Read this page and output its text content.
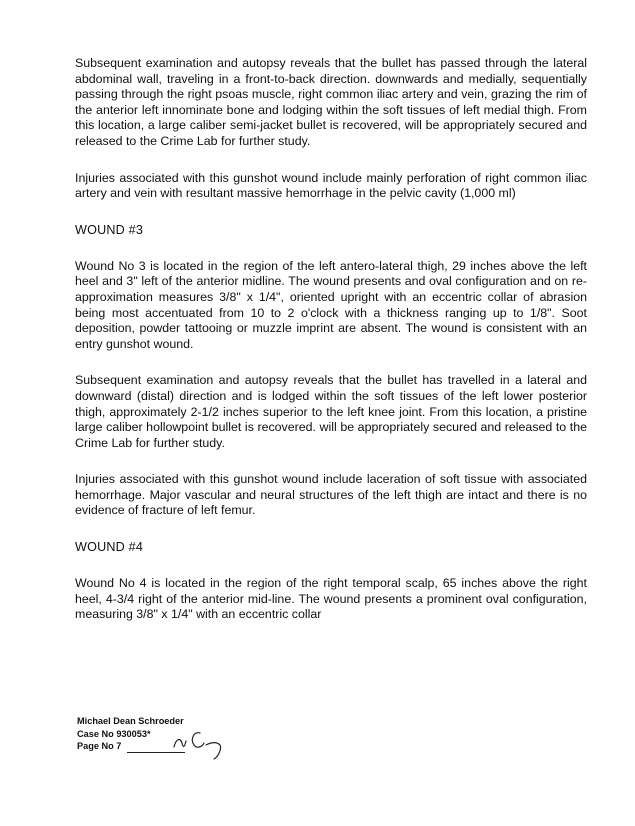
Subsequent examination and autopsy reveals that the bullet has passed through the lateral abdominal wall, traveling in a front-to-back direction. downwards and medially, sequentially passing through the right psoas muscle, right common iliac artery and vein, grazing the rim of the anterior left innominate bone and lodging within the soft tissues of left medial thigh. From this location, a large caliber semi-jacket bullet is recovered, will be appropriately secured and released to the Crime Lab for further study.

Injuries associated with this gunshot wound include mainly perforation of right common iliac artery and vein with resultant massive hemorrhage in the pelvic cavity (1,000 ml)

WOUND #3

Wound No 3 is located in the region of the left antero-lateral thigh, 29 inches above the left heel and 3" left of the anterior midline. The wound presents and oval configuration and on re-approximation measures 3/8" x 1/4", oriented upright with an eccentric collar of abrasion being most accentuated from 10 to 2 o'clock with a thickness ranging up to 1/8". Soot deposition, powder tattooing or muzzle imprint are absent. The wound is consistent with an entry gunshot wound.

Subsequent examination and autopsy reveals that the bullet has travelled in a lateral and downward (distal) direction and is lodged within the soft tissues of the left lower posterior thigh, approximately 2-1/2 inches superior to the left knee joint. From this location, a pristine large caliber hollowpoint bullet is recovered. will be appropriately secured and released to the Crime Lab for further study.

Injuries associated with this gunshot wound include laceration of soft tissue with associated hemorrhage. Major vascular and neural structures of the left thigh are intact and there is no evidence of fracture of left femur.

WOUND #4

Wound No 4 is located in the region of the right temporal scalp, 65 inches above the right heel, 4-3/4 right of the anterior mid-line. The wound presents a prominent oval configuration, measuring 3/8" x 1/4" with an eccentric collar

Michael Dean Schroeder
Case No 930053*
Page No 7
